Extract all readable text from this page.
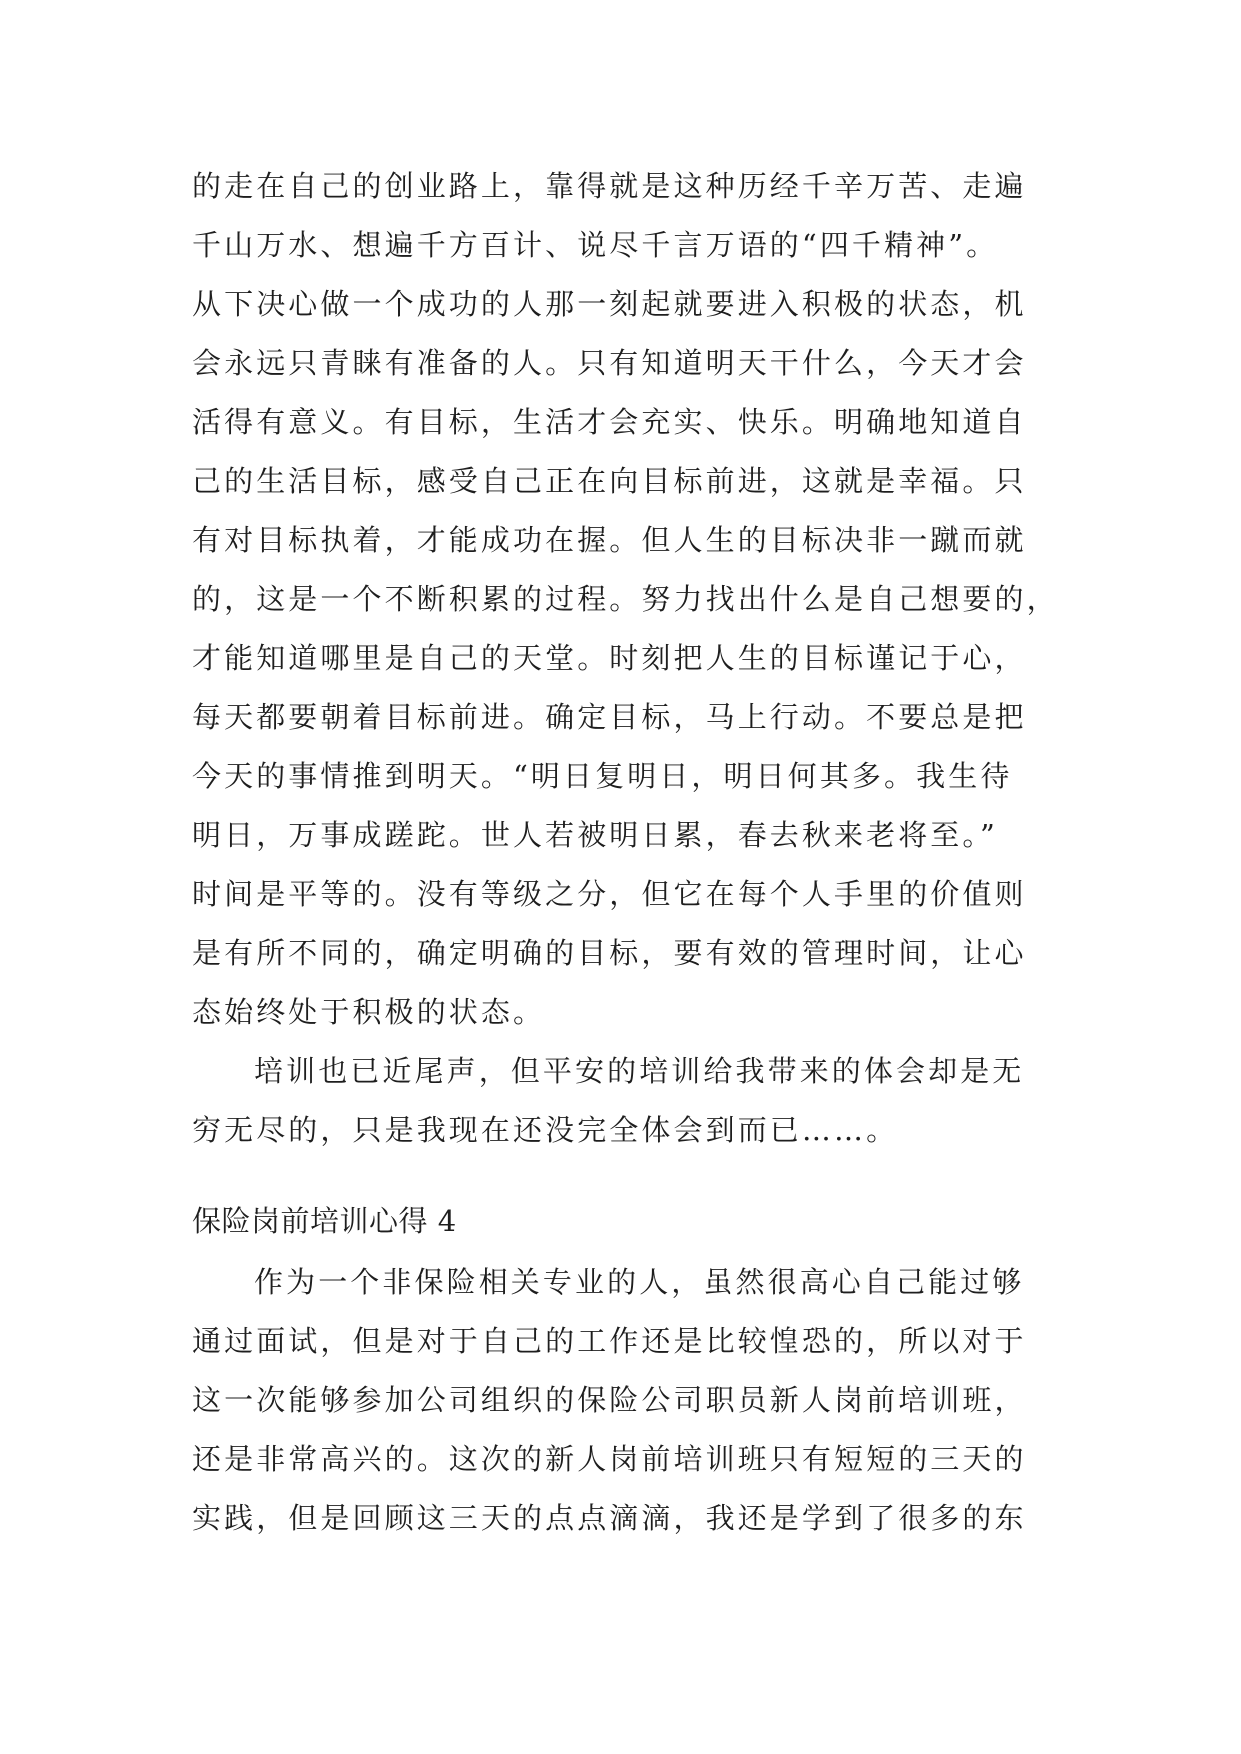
的走在自己的创业路上，靠得就是这种历经千辛万苦、走遍
千山万水、想遍千方百计、说尽千言万语的“四千精神”。
从下决心做一个成功的人那一刻起就要进入积极的状态，机
会永远只青睐有准备的人。只有知道明天干什么，今天才会
活得有意义。有目标，生活才会充实、快乐。明确地知道自
己的生活目标，感受自己正在向目标前进，这就是幸福。只
有对目标执着，才能成功在握。但人生的目标决非一蹴而就
的，这是一个不断积累的过程。努力找出什么是自己想要的，
才能知道哪里是自己的天堂。时刻把人生的目标谨记于心，
每天都要朝着目标前进。确定目标，马上行动。不要总是把
今天的事情推到明天。“明日复明日，明日何其多。我生待
明日，万事成蹉跎。世人若被明日累，春去秋来老将至。”
时间是平等的。没有等级之分，但它在每个人手里的价值则
是有所不同的，确定明确的目标，要有效的管理时间，让心
态始终处于积极的状态。
培训也已近尾声，但平安的培训给我带来的体会却是无
穷无尽的，只是我现在还没完全体会到而已……。
保险岗前培训心得 4
作为一个非保险相关专业的人，虽然很高心自己能过够
通过面试，但是对于自己的工作还是比较惶恐的，所以对于
这一次能够参加公司组织的保险公司职员新人岗前培训班，
还是非常高兴的。这次的新人岗前培训班只有短短的三天的
实践，但是回顾这三天的点点滴滴，我还是学到了很多的东
